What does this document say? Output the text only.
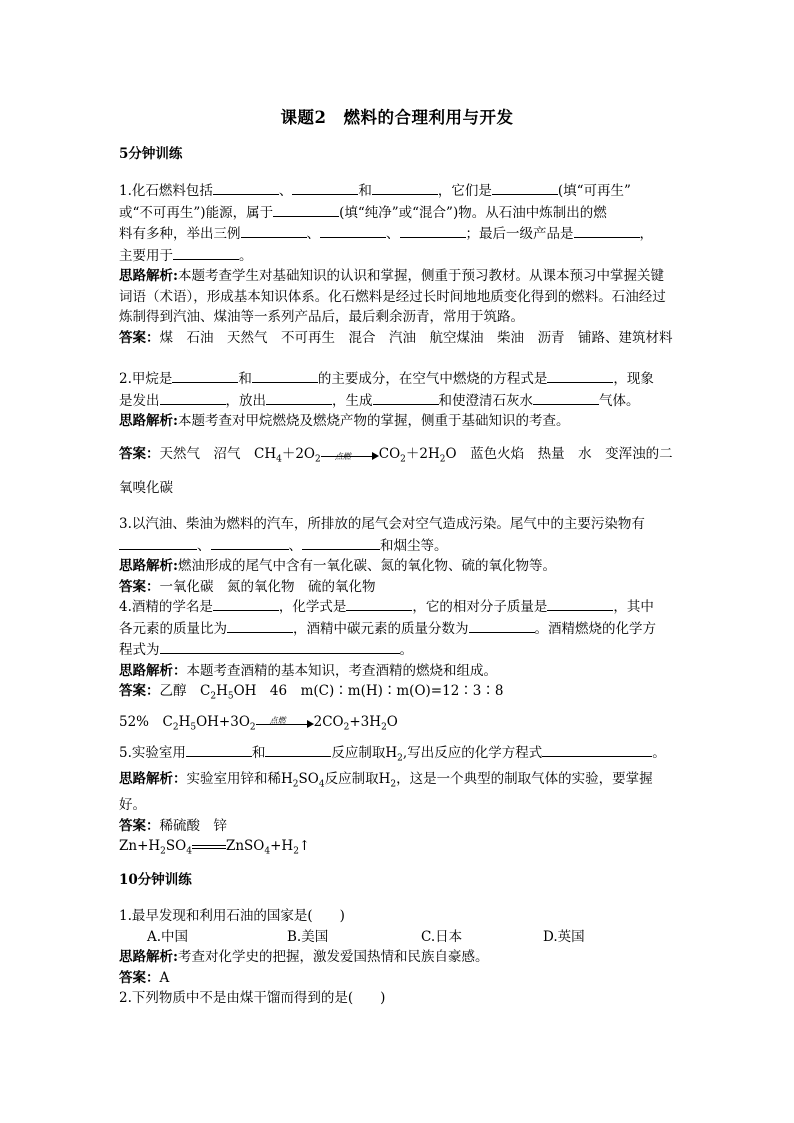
课题2　燃料的合理利用与开发
5分钟训练

1.化石燃料包括	、	和	，它们是	(填“可再生”

或“不可再生”)能源，属于	(填“纯净”或“混合”)物。从石油中炼制出的燃

料有多种，举出三例	、	、	；最后一级产品是	，

主要用于	。

思路解析:本题考查学生对基础知识的认识和掌握，侧重于预习教材。从课本预习中掌握关键词语（术语），形成基本知识体系。化石燃料是经过长时间地地质变化得到的燃料。石油经过炼制得到汽油、煤油等一系列产品后，最后剩余沥青，常用于筑路。

答案：煤　石油　天然气　不可再生　混合　汽油　航空煤油　柴油　沥青　铺路、建筑材料

2.甲烷是	和	的主要成分，在空气中燃烧的方程式是	，现象

是发出	，放出	，生成	和使澄清石灰水	气体。

思路解析:本题考查对甲烷燃烧及燃烧产物的掌握，侧重于基础知识的考查。

答案：天然气　沼气　$CH_4+2O_2$ 点燃 $CO_2+2H_2O$　蓝色火焰　热量　水　变浑浊的二

氧嗅化碳

3.以汽油、柴油为燃料的汽车，所排放的尾气会对空气造成污染。尾气中的主要污染物有

、	、	和烟尘等。

思路解析:燃油形成的尾气中含有一氧化碳、氮的氧化物、硫的氧化物等。

答案：一氧化碳　氮的氧化物　硫的氧化物

4.酒精的学名是	，化学式是	，它的相对分子质量是	，其中

各元素的质量比为	，酒精中碳元素的质量分数为	。酒精燃烧的化学方

程式为	。

思路解析：本题考查酒精的基本知识，考查酒精的燃烧和组成。

答案：乙醇　$C_2H_5OH$　46　m(C)∶m(H)∶m(O)=12∶3∶8

52%　$C_2H_5OH+3O_2$
点燃 $2CO_2+3H_2O$

5.实验室用	和	反应制取$H_2$,写出反应的化学方程式	。

思路解析：实验室用锌和稀$H_2SO_4$反应制取$H_2$，这是一个典型的制取气体的实验，要掌握好。

答案：稀硫酸　锌

$Zn+H_2SO_4$	$ZnSO_4+H_2↑$

10分钟训练

1.最早发现和利用石油的国家是(　　)

A.中国	B.美国	C.日本	D.英国

思路解析:考查对化学史的把握，激发爱国热情和民族自豪感。

答案：A

2.下列物质中不是由煤干馏而得到的是(　　)
